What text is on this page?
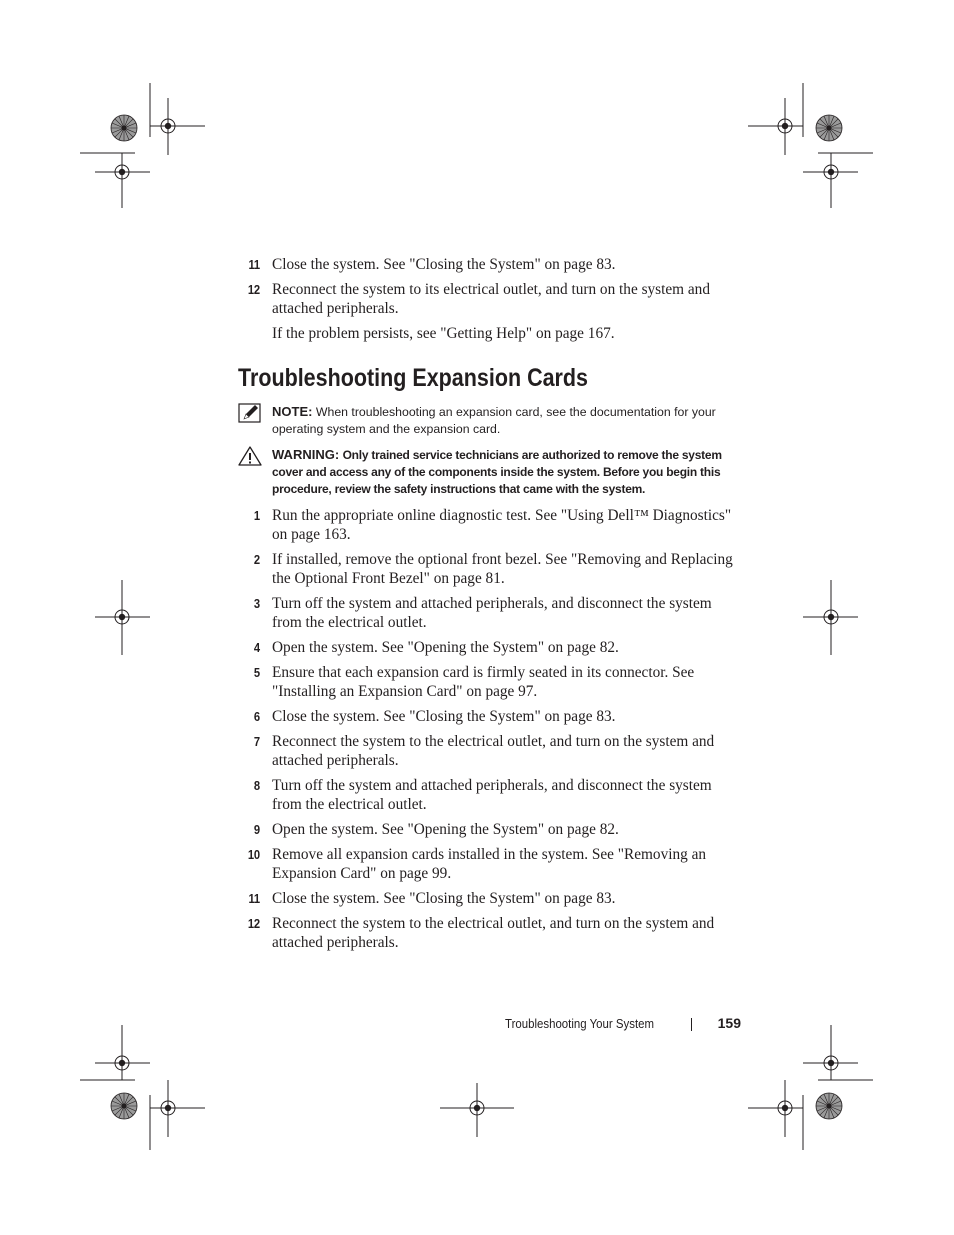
11 Close the system. See "Closing the System" on page 83.
12 Reconnect the system to its electrical outlet, and turn on the system and attached peripherals.
If the problem persists, see "Getting Help" on page 167.
Troubleshooting Expansion Cards
NOTE: When troubleshooting an expansion card, see the documentation for your operating system and the expansion card.
WARNING: Only trained service technicians are authorized to remove the system cover and access any of the components inside the system. Before you begin this procedure, review the safety instructions that came with the system.
1 Run the appropriate online diagnostic test. See "Using Dell™ Diagnostics" on page 163.
2 If installed, remove the optional front bezel. See "Removing and Replacing the Optional Front Bezel" on page 81.
3 Turn off the system and attached peripherals, and disconnect the system from the electrical outlet.
4 Open the system. See "Opening the System" on page 82.
5 Ensure that each expansion card is firmly seated in its connector. See "Installing an Expansion Card" on page 97.
6 Close the system. See "Closing the System" on page 83.
7 Reconnect the system to the electrical outlet, and turn on the system and attached peripherals.
8 Turn off the system and attached peripherals, and disconnect the system from the electrical outlet.
9 Open the system. See "Opening the System" on page 82.
10 Remove all expansion cards installed in the system. See "Removing an Expansion Card" on page 99.
11 Close the system. See "Closing the System" on page 83.
12 Reconnect the system to the electrical outlet, and turn on the system and attached peripherals.
Troubleshooting Your System	159
